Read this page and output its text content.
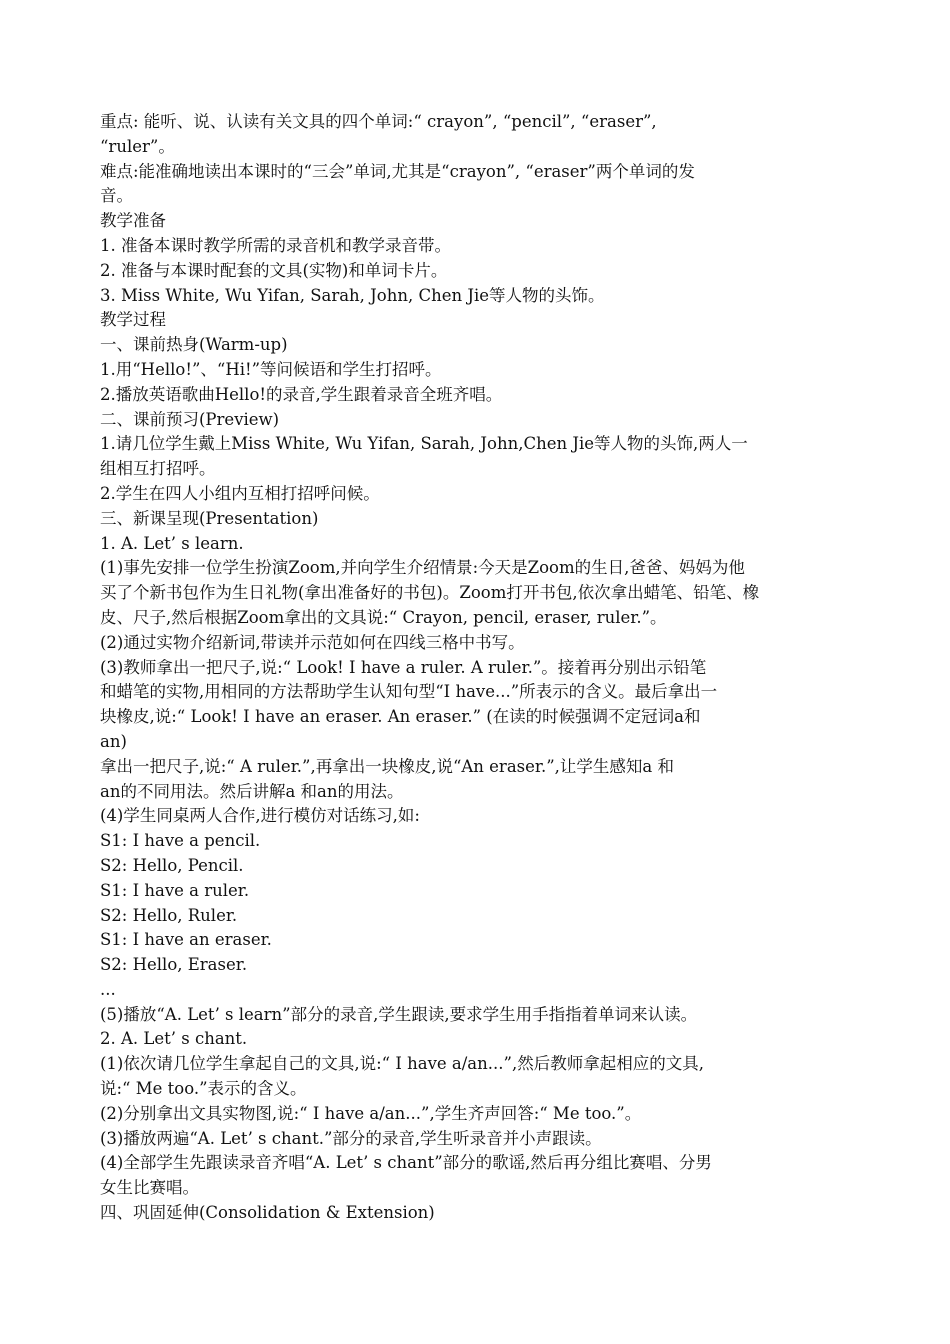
重点: 能听、说、认读有关文具的四个单词:“ crayon”, “pencil”, “eraser”,

“ruler”。

难点:能准确地读出本课时的“三会”单词,尤其是“crayon”, “eraser”两个单词的发

音。

教学准备

1. 准备本课时教学所需的录音机和教学录音带。

2. 准备与本课时配套的文具(实物)和单词卡片。

3. Miss White, Wu Yifan, Sarah, John, Chen Jie等人物的头饰。

教学过程

一、课前热身(Warm-up)

1.用“Hello!”、“Hi!”等问候语和学生打招呼。

2.播放英语歌曲Hello!的录音,学生跟着录音全班齐唱。

二、课前预习(Preview)

1.请几位学生戴上Miss White, Wu Yifan, Sarah, John,Chen Jie等人物的头饰,两人一

组相互打招呼。

2.学生在四人小组内互相打招呼问候。

三、新课呈现(Presentation)

1. A. Let’ s learn.

(1)事先安排一位学生扮演Zoom,并向学生介绍情景:今天是Zoom的生日,爸爸、妈妈为他

买了个新书包作为生日礼物(拿出准备好的书包)。Zoom打开书包,依次拿出蜡笔、铅笔、橡

皮、尺子,然后根据Zoom拿出的文具说:“ Crayon, pencil, eraser, ruler.”。

(2)通过实物介绍新词,带读并示范如何在四线三格中书写。

(3)教师拿出一把尺子,说:“ Look! I have a ruler. A ruler.”。接着再分别出示铅笔

和蜡笔的实物,用相同的方法帮助学生认知句型“I have...”所表示的含义。最后拿出一

块橡皮,说:“ Look! I have an eraser. An eraser.” (在读的时候强调不定冠词a和

an)

拿出一把尺子,说:“ A ruler.”,再拿出一块橡皮,说“An eraser.”,让学生感知a 和

an的不同用法。然后讲解a 和an的用法。

(4)学生同桌两人合作,进行模仿对话练习,如:

S1: I have a pencil.

S2: Hello, Pencil.

S1: I have a ruler.

S2: Hello, Ruler.

S1: I have an eraser.

S2: Hello, Eraser.

...

(5)播放“A. Let’ s learn”部分的录音,学生跟读,要求学生用手指指着单词来认读。

2. A. Let’ s chant.

(1)依次请几位学生拿起自己的文具,说:“ I have a/an...”,然后教师拿起相应的文具,

说:“ Me too.”表示的含义。

(2)分别拿出文具实物图,说:“ I have a/an...”,学生齐声回答:“ Me too.”。

(3)播放两遍“A. Let’ s chant.”部分的录音,学生听录音并小声跟读。

(4)全部学生先跟读录音齐唱“A. Let’ s chant”部分的歌谣,然后再分组比赛唱、分男

女生比赛唱。

四、巩固延伸(Consolidation & Extension)
